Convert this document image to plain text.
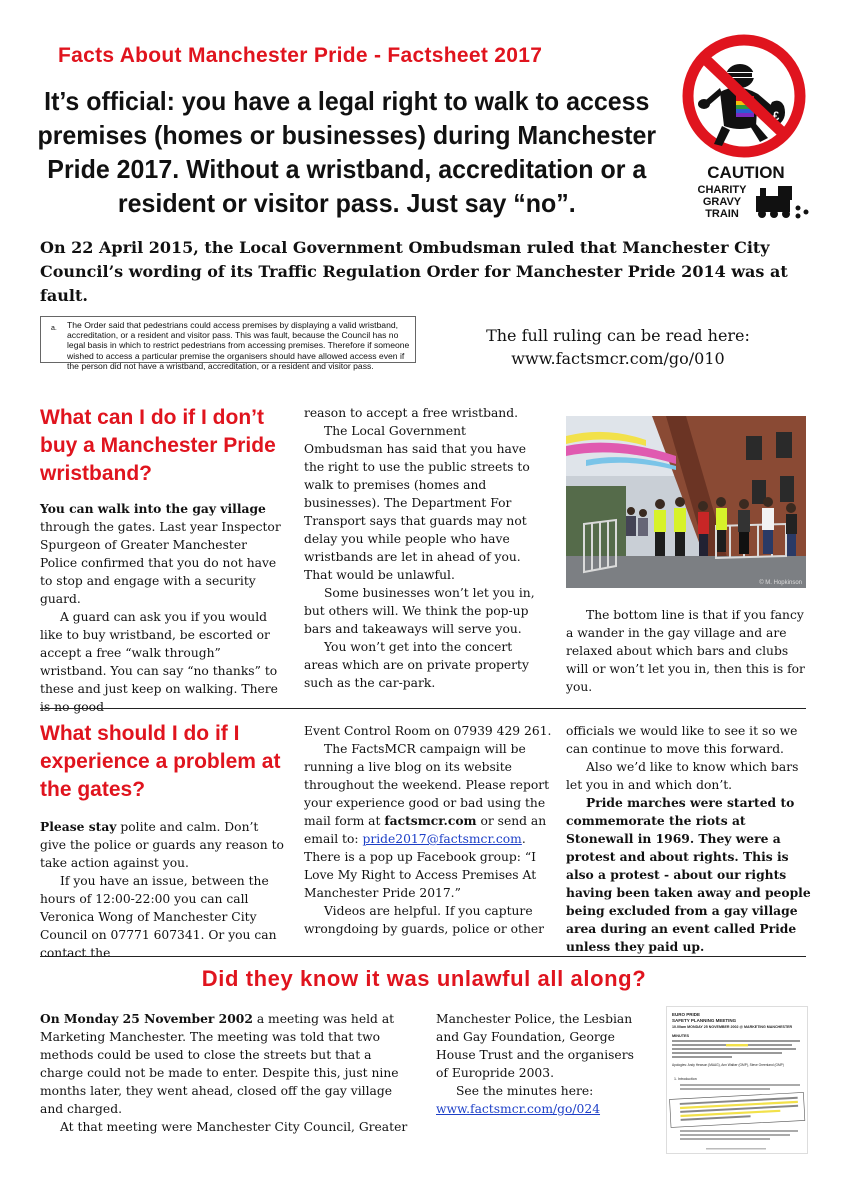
Facts About Manchester Pride - Factsheet 2017
It’s official: you have a legal right to walk to access premises (homes or businesses) during Manchester Pride 2017. Without a wristband, accreditation or a resident or visitor pass. Just say “no”.
£
CAUTION
CHARITY
GRAVY
TRAIN
On 22 April 2015, the Local Government Ombudsman ruled that Manchester City Council’s wording of its Traffic Regulation Order for Manchester Pride 2014 was at fault.
a. The Order said that pedestrians could access premises by displaying a valid wristband, accreditation, or a resident and visitor pass. This was fault, because the Council has no legal basis in which to restrict pedestrians from accessing premises. Therefore if someone wished to access a particular premise the organisers should have allowed access even if the person did not have a wristband, accreditation, or a resident and visitor pass.
The full ruling can be read here:
www.factsmcr.com/go/010
What can I do if I don’t buy a Manchester Pride wristband?

You can walk into the gay village through the gates. Last year Inspector Spurgeon of Greater Manchester Police confirmed that you do not have to stop and engage with a security guard.

A guard can ask you if you would like to buy wristband, be escorted or accept a free “walk through” wristband. You can say “no thanks” to these and just keep on walking. There is no good

reason to accept a free wristband.

The Local Government Ombudsman has said that you have the right to use the public streets to walk to premises (homes and businesses). The Department For Transport says that guards may not delay you while people who have wristbands are let in ahead of you. That would be unlawful.

Some businesses won’t let you in, but others will. We think the pop-up bars and takeaways will serve you.

You won’t get into the concert areas which are on private property such as the car-park.

© M. Hopkinson

The bottom line is that if you fancy a wander in the gay village and are relaxed about which bars and clubs will or won’t let you in, then this is for you.

What should I do if I experience a problem at the gates?

Please stay polite and calm. Don’t give the police or guards any reason to take action against you.

If you have an issue, between the hours of 12:00-22:00 you can call Veronica Wong of Manchester City Council on 07771 607341. Or you can contact the

Event Control Room on 07939 429 261.

The FactsMCR campaign will be running a live blog on its website throughout the weekend. Please report your experience good or bad using the mail form at factsmcr.com or send an email to: pride2017@factsmcr.com. There is a pop up Facebook group: “I Love My Right to Access Premises At Manchester Pride 2017.”

Videos are helpful. If you capture wrongdoing by guards, police or other

officials we would like to see it so we can continue to move this forward.

Also we’d like to know which bars let you in and which don’t.

Pride marches were started to commemorate the riots at Stonewall in 1969. They were a protest and about rights. This is also a protest - about our rights having been taken away and people being excluded from a gay village area during an event called Pride unless they paid up.

Did they know it was unlawful all along?

On Monday 25 November 2002 a meeting was held at Marketing Manchester. The meeting was told that two methods could be used to close the streets but that a charge could not be made to enter. Despite this, just nine months later, they went ahead, closed off the gay village and charged.

At that meeting were Manchester City Council, Greater

Manchester Police, the Lesbian and Gay Foundation, George House Trust and the organisers of Europride 2003.

See the minutes here:

www.factsmcr.com/go/024

EURO PRIDE
SAFETY PLANNING MEETING
10.00am MONDAY 25 NOVEMBER 2002 @ MARKETING MANCHESTER
MINUTES
Apologies: Andy Hewson (MAAG), Ann Walker (GMP), Steve Greenland (GMP)
1. Introduction
